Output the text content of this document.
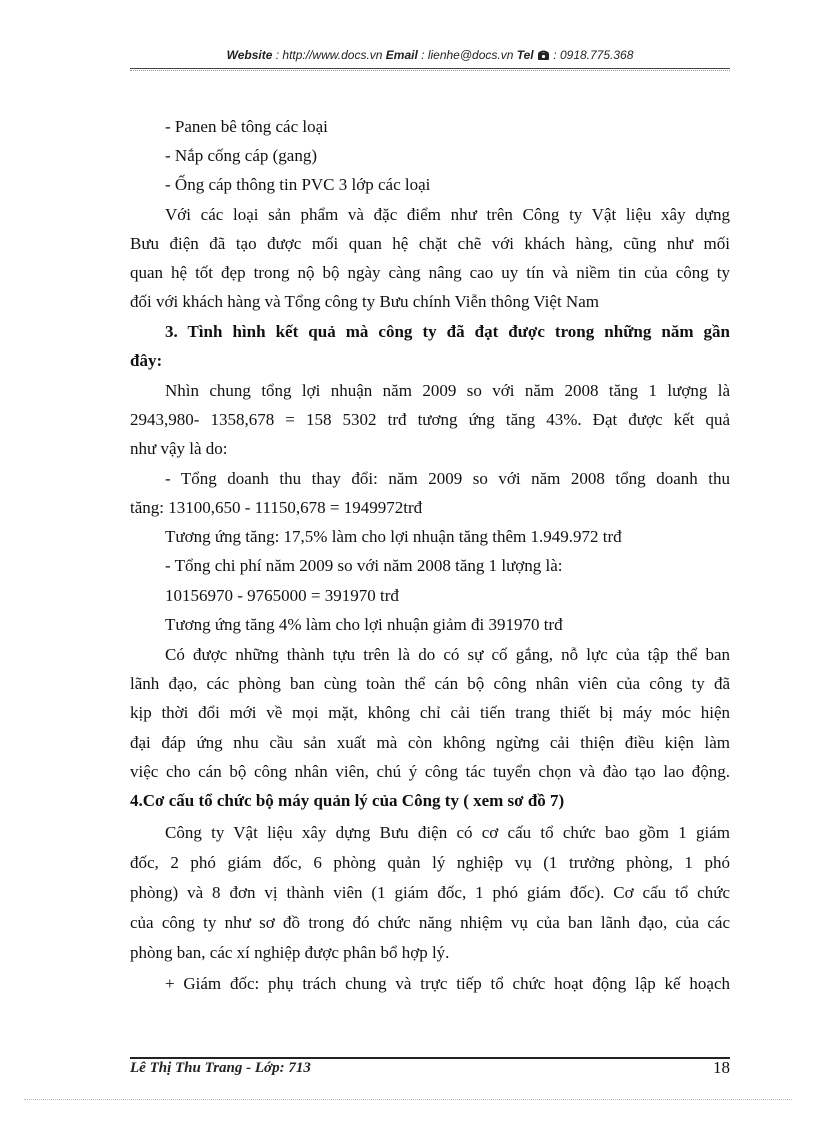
Website : http://www.docs.vn Email : lienhe@docs.vn Tel  : 0918.775.368
- Panen bê tông các loại
- Nắp cống cáp (gang)
- Ống cáp thông tin PVC 3 lớp các loại
Với các loại sản phẩm và đặc điểm như trên Công ty Vật liệu xây dựng
Bưu điện đã tạo được mối quan hệ chặt chẽ với khách hàng, cũng như mối
quan hệ tốt đẹp trong nộ bộ ngày càng nâng cao uy tín và niềm tin của công ty
đối với khách hàng và Tổng công ty Bưu chính Viễn thông Việt Nam
3. Tình hình kết quả mà công ty đã đạt được trong những năm gần
đây:
Nhìn chung tổng lợi nhuận năm 2009 so với năm 2008 tăng 1 lượng là
2943,980- 1358,678 = 158 5302 trđ tương ứng tăng 43%. Đạt được kết quả
như vậy là do:
- Tổng doanh thu thay đổi: năm 2009 so với năm 2008 tổng doanh thu
tăng: 13100,650 - 11150,678 = 1949972trđ
Tương ứng tăng: 17,5% làm cho lợi nhuận tăng thêm 1.949.972 trđ
- Tổng chi phí năm 2009 so với năm 2008 tăng 1 lượng là:
10156970 - 9765000 = 391970 trđ
Tương ứng tăng 4% làm cho lợi nhuận giảm đi 391970 trđ
Có được những thành tựu trên là do có sự cố gắng, nỗ lực của tập thể ban
lãnh đạo, các phòng ban cùng toàn thể cán bộ công nhân viên của công ty đã
kịp thời đổi mới về mọi mặt, không chỉ cải tiến trang thiết bị máy móc hiện
đại đáp ứng nhu cầu sản xuất mà còn không ngừng cải thiện điều kiện làm
việc cho cán bộ công nhân viên, chú ý công tác tuyển chọn và đào tạo lao động.
4.Cơ cấu tổ chức bộ máy quản lý của Công ty ( xem sơ đồ 7)
Công ty Vật liệu xây dựng Bưu điện có cơ cấu tổ chức bao gồm 1 giám
đốc, 2 phó giám đốc, 6 phòng quản lý nghiệp vụ (1 trưởng phòng, 1 phó
phòng) và 8 đơn vị thành viên (1 giám đốc, 1 phó giám đốc). Cơ cấu tổ chức
của công ty như sơ đồ trong đó chức năng nhiệm vụ của ban lãnh đạo, của các
phòng ban, các xí nghiệp được phân bổ hợp lý.
+ Giám đốc: phụ trách chung và trực tiếp tổ chức hoạt động lập kế hoạch
Lê Thị Thu Trang - Lớp: 713	18
